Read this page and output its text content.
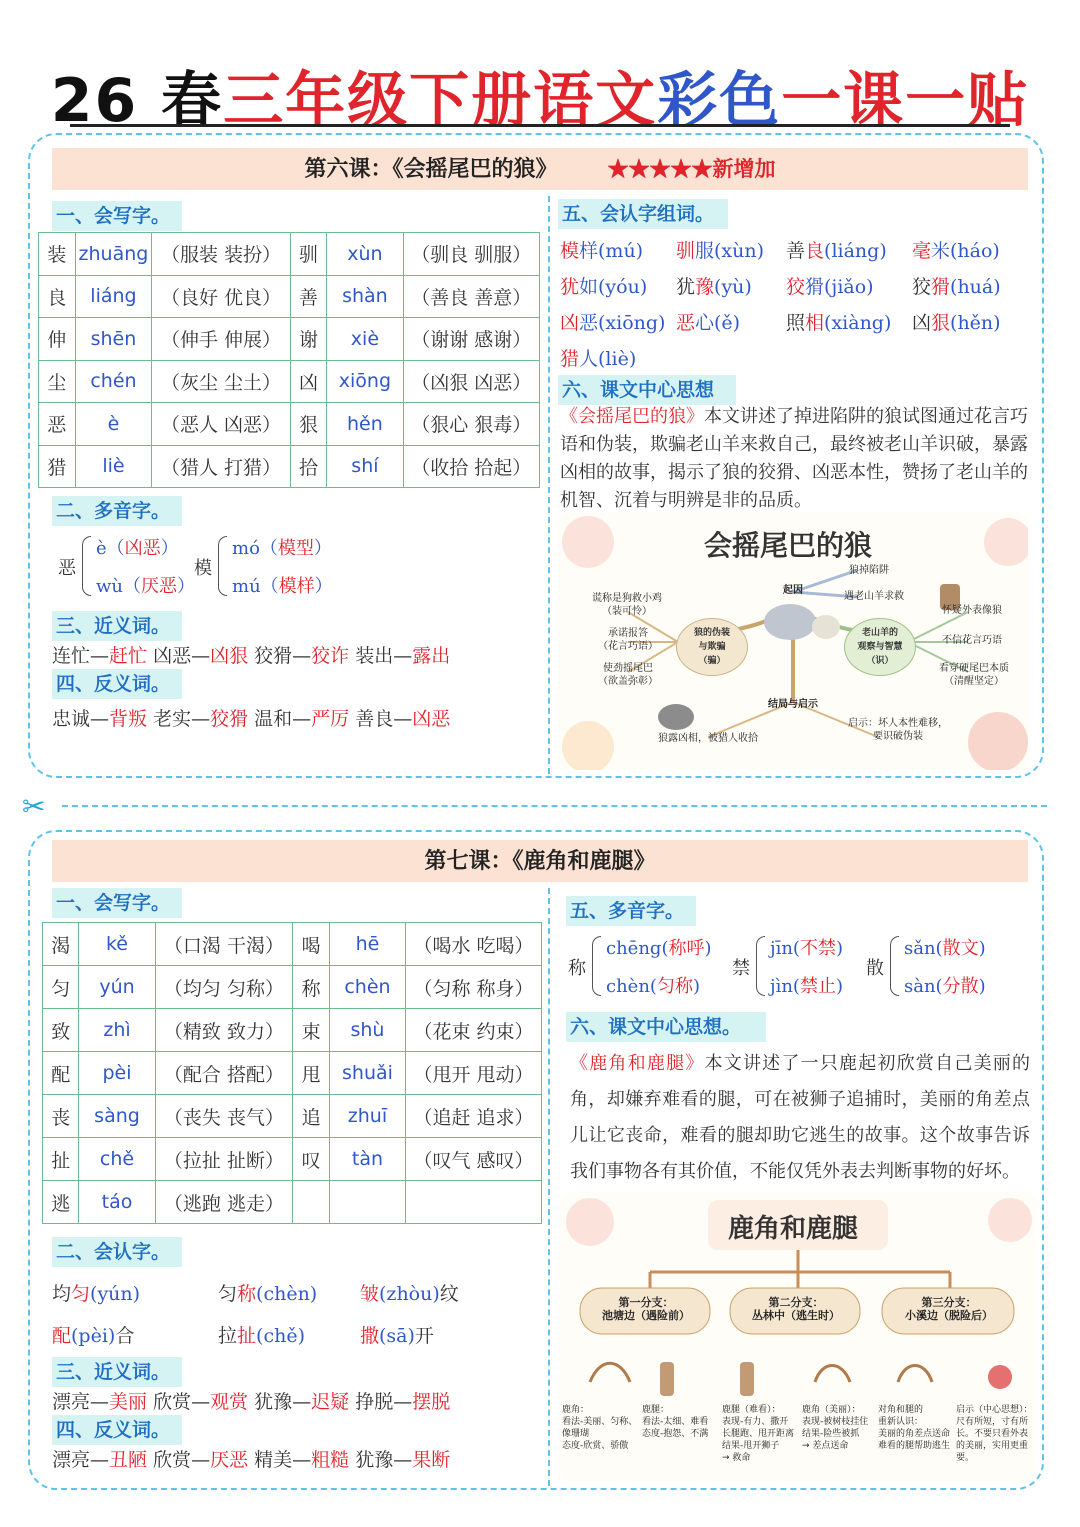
26 春三年级下册语文彩色一课一贴
第六课：《会摇尾巴的狼》 ★★★★★新增加
一、会写字。
装	zhuāng	（服装 装扮）	驯	xùn	（驯良 驯服）
良	liáng	（良好 优良）	善	shàn	（善良 善意）
伸	shēn	（伸手 伸展）	谢	xiè	（谢谢 感谢）
尘	chén	（灰尘 尘土）	凶	xiōng	（凶狠 凶恶）
恶	è	（恶人 凶恶）	狠	hěn	（狠心 狠毒）
猎	liè	（猎人 打猎）	拾	shí	（收拾 拾起）
二、多音字。
恶
è（凶恶）
wù（厌恶）
模
mó（模型）
mú（模样）
三、近义词。
连忙—赶忙 凶恶—凶狠 狡猾—狡诈 装出—露出
四、反义词。
忠诚—背叛 老实—狡猾 温和—严厉 善良—凶恶
五、会认字组词。
模样(mú) 驯服(xùn) 善良(liáng) 毫米(háo)
犹如(yóu) 犹豫(yù) 狡猾(jiǎo) 狡猾(huá)
凶恶(xiōng) 恶心(ě) 照相(xiàng) 凶狠(hěn)
猎人(liè)
六、课文中心思想
《会摇尾巴的狼》本文讲述了掉进陷阱的狼试图通过花言巧语和伪装，欺骗老山羊来救自己，最终被老山羊识破，暴露凶相的故事，揭示了狼的狡猾、凶恶本性，赞扬了老山羊的机智、沉着与明辨是非的品质。
会摇尾巴的狼
起因
狼掉陷阱
遇老山羊求救
谎称是狗救小鸡
（装可怜）
承诺报答
（花言巧语）
使劲摇尾巴
（欲盖弥彰）
狼的伪装
与欺骗
（骗）
老山羊的
观察与智慧
（识）
怀疑外表像狼
不信花言巧语
看穿硬尾巴本质
（清醒坚定）
结局与启示
狼露凶相，被猎人收拾
启示：坏人本性难移，
要识破伪装
✂
第七课：《鹿角和鹿腿》
一、会写字。
渴	kě	（口渴 干渴）	喝	hē	（喝水 吃喝）
匀	yún	（均匀 匀称）	称	chèn	（匀称 称身）
致	zhì	（精致 致力）	束	shù	（花束 约束）
配	pèi	（配合 搭配）	甩	shuǎi	（甩开 甩动）
丧	sàng	（丧失 丧气）	追	zhuī	（追赶 追求）
扯	chě	（拉扯 扯断）	叹	tàn	（叹气 感叹）
逃	táo	（逃跑 逃走）			
二、会认字。
均匀(yún)	匀称(chèn) 皱(zhòu)纹
配(pèi)合	拉扯(chě)	撒(sā)开
三、近义词。
漂亮—美丽 欣赏—观赏 犹豫—迟疑 挣脱—摆脱
四、反义词。
漂亮—丑陋 欣赏—厌恶 精美—粗糙 犹豫—果断
五、多音字。
称
chēng(称呼)
chèn(匀称)
禁
jīn(不禁)
jìn(禁止)
散
sǎn(散文)
sàn(分散)
六、课文中心思想。
《鹿角和鹿腿》本文讲述了一只鹿起初欣赏自己美丽的角，却嫌弃难看的腿，可在被狮子追捕时，美丽的角差点儿让它丧命，难看的腿却助它逃生的故事。这个故事告诉我们事物各有其价值，不能仅凭外表去判断事物的好坏。
鹿角和鹿腿
第一分支：
池塘边（遇险前）
第二分支：
丛林中（逃生时）
第三分支：
小溪边（脱险后）
鹿角：
看法-美丽、匀称、
像珊瑚
态度-欣赏、骄傲
鹿腿：
看法-太细、难看
态度-抱怨、不满
鹿腿（难看）：
表现-有力、撒开
长腿跑、甩开距离
结果-甩开狮子
→ 救命
鹿角（美丽）：
表现-被树枝挂住
结果-险些被抓
→ 差点送命
对角和腿的
重新认识：
美丽的角差点送命
难看的腿帮助逃生
启示（中心思想）：
尺有所短，寸有所
长。不要只看外表
的美丽，实用更重
要。
